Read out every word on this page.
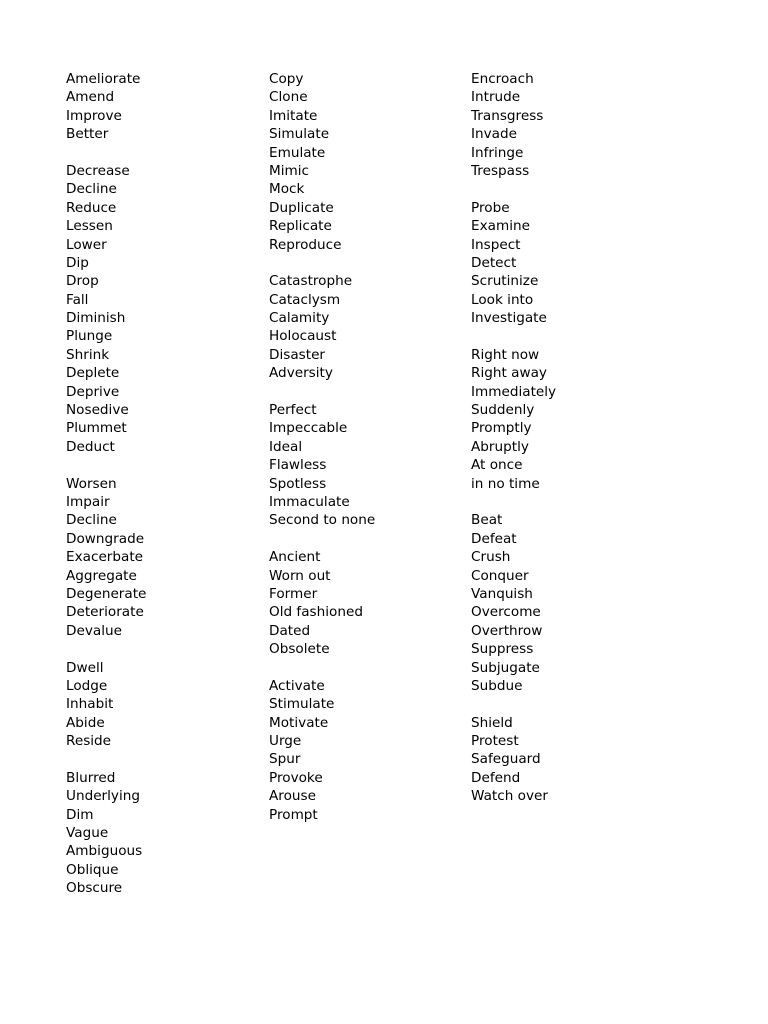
Ameliorate
Amend
Improve
Better
Decrease
Decline
Reduce
Lessen
Lower
Dip
Drop
Fall
Diminish
Plunge
Shrink
Deplete
Deprive
Nosedive
Plummet
Deduct
Worsen
Impair
Decline
Downgrade
Exacerbate
Aggregate
Degenerate
Deteriorate
Devalue
Dwell
Lodge
Inhabit
Abide
Reside
Blurred
Underlying
Dim
Vague
Ambiguous
Oblique
Obscure
Copy
Clone
Imitate
Simulate
Emulate
Mimic
Mock
Duplicate
Replicate
Reproduce
Catastrophe
Cataclysm
Calamity
Holocaust
Disaster
Adversity
Perfect
Impeccable
Ideal
Flawless
Spotless
Immaculate
Second to none
Ancient
Worn out
Former
Old fashioned
Dated
Obsolete
Activate
Stimulate
Motivate
Urge
Spur
Provoke
Arouse
Prompt
Encroach
Intrude
Transgress
Invade
Infringe
Trespass
Probe
Examine
Inspect
Detect
Scrutinize
Look into
Investigate
Right now
Right away
Immediately
Suddenly
Promptly
Abruptly
At once
in no time
Beat
Defeat
Crush
Conquer
Vanquish
Overcome
Overthrow
Suppress
Subjugate
Subdue
Shield
Protest
Safeguard
Defend
Watch over
